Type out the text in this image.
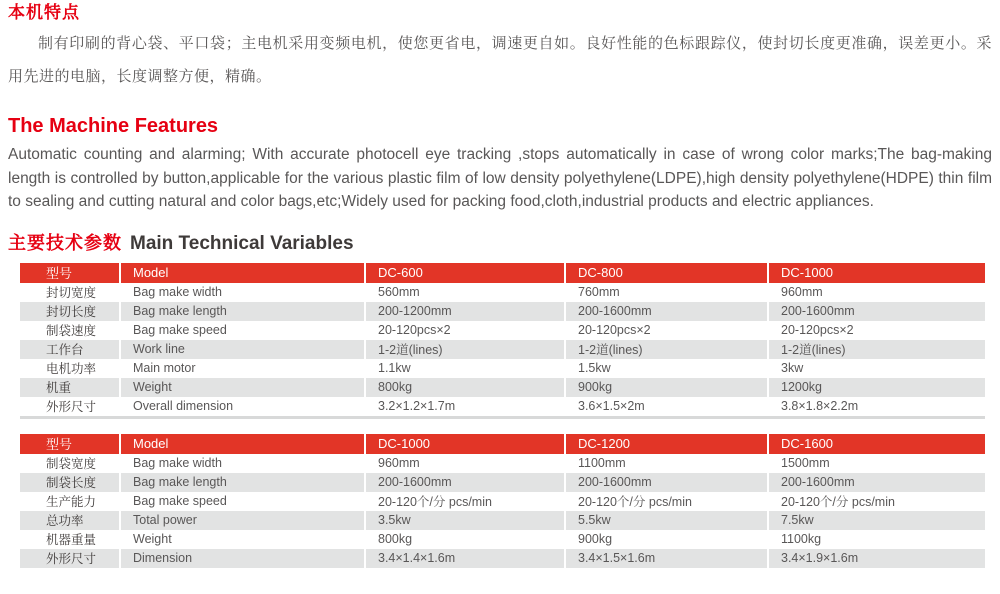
本机特点

制有印刷的背心袋、平口袋；主电机采用变频电机，使您更省电，调速更自如。良好性能的色标跟踪仪，使封切长度更准确，误差更小。采用先进的电脑，长度调整方便，精确。

The Machine Features

Automatic counting and alarming; With accurate photocell eye tracking ,stops automatically in case of wrong color marks;The bag-making length is controlled by button,applicable for the various plastic film of low density polyethylene(LDPE),high density polyethylene(HDPE) thin film to sealing and cutting natural and color bags,etc;Widely used for packing food,cloth,industrial products and electric appliances.

主要技术参数 Main Technical Variables
型号	Model	DC-600	DC-800	DC-1000
封切宽度	Bag make width	560mm	760mm	960mm
封切长度	Bag make length	200-1200mm	200-1600mm	200-1600mm
制袋速度	Bag make speed	20-120pcs×2	20-120pcs×2	20-120pcs×2
工作台	Work line	1-2道(lines)	1-2道(lines)	1-2道(lines)
电机功率	Main motor	1.1kw	1.5kw	3kw
机重	Weight	800kg	900kg	1200kg
外形尺寸	Overall dimension	3.2×1.2×1.7m	3.6×1.5×2m	3.8×1.8×2.2m
型号	Model	DC-1000	DC-1200	DC-1600
制袋宽度	Bag make width	960mm	1100mm	1500mm
制袋长度	Bag make length	200-1600mm	200-1600mm	200-1600mm
生产能力	Bag make speed	20-120个/分 pcs/min	20-120个/分 pcs/min	20-120个/分 pcs/min
总功率	Total power	3.5kw	5.5kw	7.5kw
机器重量	Weight	800kg	900kg	1100kg
外形尺寸	Dimension	3.4×1.4×1.6m	3.4×1.5×1.6m	3.4×1.9×1.6m
